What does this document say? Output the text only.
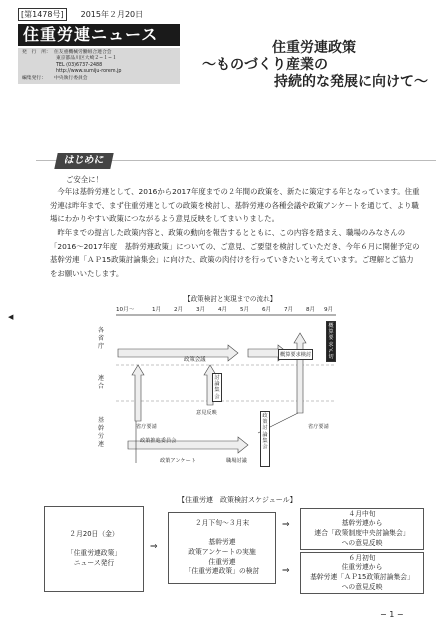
[第1478号]	2015年２月20日
住重労連ニュース
発　行　所： 住友重機械労働組合連合会
東京都品川区大崎２−１−１
TEL (03)6737-2488
http://www.sumiju-rorem.jp
編集発行：	中央執行委員会
住重労連政策
〜ものづくり産業の
持続的な発展に向けて〜
はじめに
ご安全に！
今年は基幹労連として、2016から2017年度までの２年間の政策を、新たに策定する年となっています。住重労連は昨年まで、まず住重労連としての政策を検討し、基幹労連の各種会議や政策アンケートを通じて、より職場にわかりやすい政策につながるよう意見反映をしてまいりました。
昨年までの提言した政策内容と、政策の動向を報告するとともに、この内容を踏まえ、職場のみなさんの「2016〜2017年度　基幹労連政策」についての、ご意見、ご要望を検討していただき、今年６月に開催予定の基幹労連「ＡＰ15政策討論集会」に向けた、政策の肉付けを行っていきたいと考えています。ご理解とご協力をお願いいたします。
◀
【政策検討と実現までの流れ】
10月〜	1月 2月 3月 4月 5月 6月 7月 8月 9月
各省庁
連合
基幹労連
政策会議
概算要求検討
概算要求〆切
討論集会
省庁要請
意見反映
省庁要請
政策推進委員会
政策討論集会
政策アンケート	職場討議
【住重労連　政策検討スケジュール】
２月20日（金）

「住重労連政策」
ニュース発行
⇒
２月下旬〜３月末

基幹労連
政策アンケートの実施
住重労連
「住重労連政策」の検討
⇒
⇒
４月中旬
基幹労連から
連合「政策制度中央討論集会」
への意見反映
６月初旬
住重労連から
基幹労連「ＡＰ15政策討論集会」
への意見反映
− 1 −
